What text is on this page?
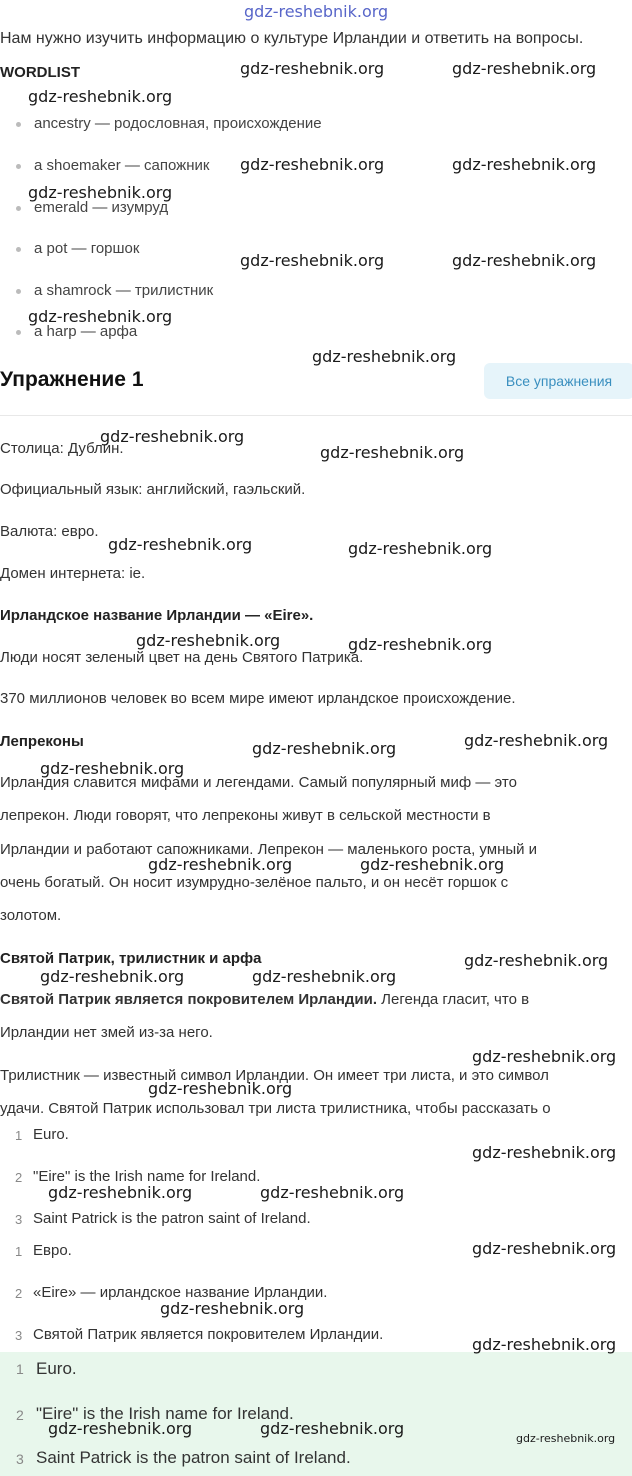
gdz-reshebnik.org
Нам нужно изучить информацию о культуре Ирландии и ответить на вопросы.
WORDLIST
ancestry — родословная, происхождение
a shoemaker — сапожник
emerald — изумруд
a pot — горшок
a shamrock — трилистник
a harp — арфа
Упражнение 1	Все упражнения
Столица: Дублин.
Официальный язык: английский, гаэльский.
Валюта: евро.
Домен интернета: ie.
Ирландское название Ирландии — «Eire».
Люди носят зеленый цвет на день Святого Патрика.
370 миллионов человек во всем мире имеют ирландское происхождение.
Лепреконы
Ирландия славится мифами и легендами. Самый популярный миф — это
лепрекон. Люди говорят, что лепреконы живут в сельской местности в
Ирландии и работают сапожниками. Лепрекон — маленького роста, умный и
очень богатый. Он носит изумрудно-зелёное пальто, и он несёт горшок с
золотом.
Святой Патрик, трилистник и арфа
Святой Патрик является покровителем Ирландии. Легенда гласит, что в
Ирландии нет змей из-за него.
Трилистник — известный символ Ирландии. Он имеет три листа, и это символ
удачи. Святой Патрик использовал три листа трилистника, чтобы рассказать о
1 Euro.
2 "Eire" is the Irish name for Ireland.
3 Saint Patrick is the patron saint of Ireland.
1 Евро.
2 «Eire» — ирландское название Ирландии.
3 Святой Патрик является покровителем Ирландии.
1 Euro.
2 "Eire" is the Irish name for Ireland.
3 Saint Patrick is the patron saint of Ireland.
gdz-reshebnik.org	gdz-reshebnik.org
gdz-reshebnik.org
gdz-reshebnik.org	gdz-reshebnik.org
gdz-reshebnik.org
gdz-reshebnik.org	gdz-reshebnik.org
gdz-reshebnik.org
gdz-reshebnik.org
gdz-reshebnik.org
gdz-reshebnik.org
gdz-reshebnik.org	gdz-reshebnik.org
gdz-reshebnik.org	gdz-reshebnik.org
gdz-reshebnik.org
gdz-reshebnik.org
gdz-reshebnik.org
gdz-reshebnik.org	gdz-reshebnik.org
gdz-reshebnik.org
gdz-reshebnik.org	gdz-reshebnik.org
gdz-reshebnik.org
gdz-reshebnik.org
gdz-reshebnik.org
gdz-reshebnik.org	gdz-reshebnik.org
gdz-reshebnik.org
gdz-reshebnik.org
gdz-reshebnik.org
gdz-reshebnik.org	gdz-reshebnik.org
gdz-reshebnik.org
